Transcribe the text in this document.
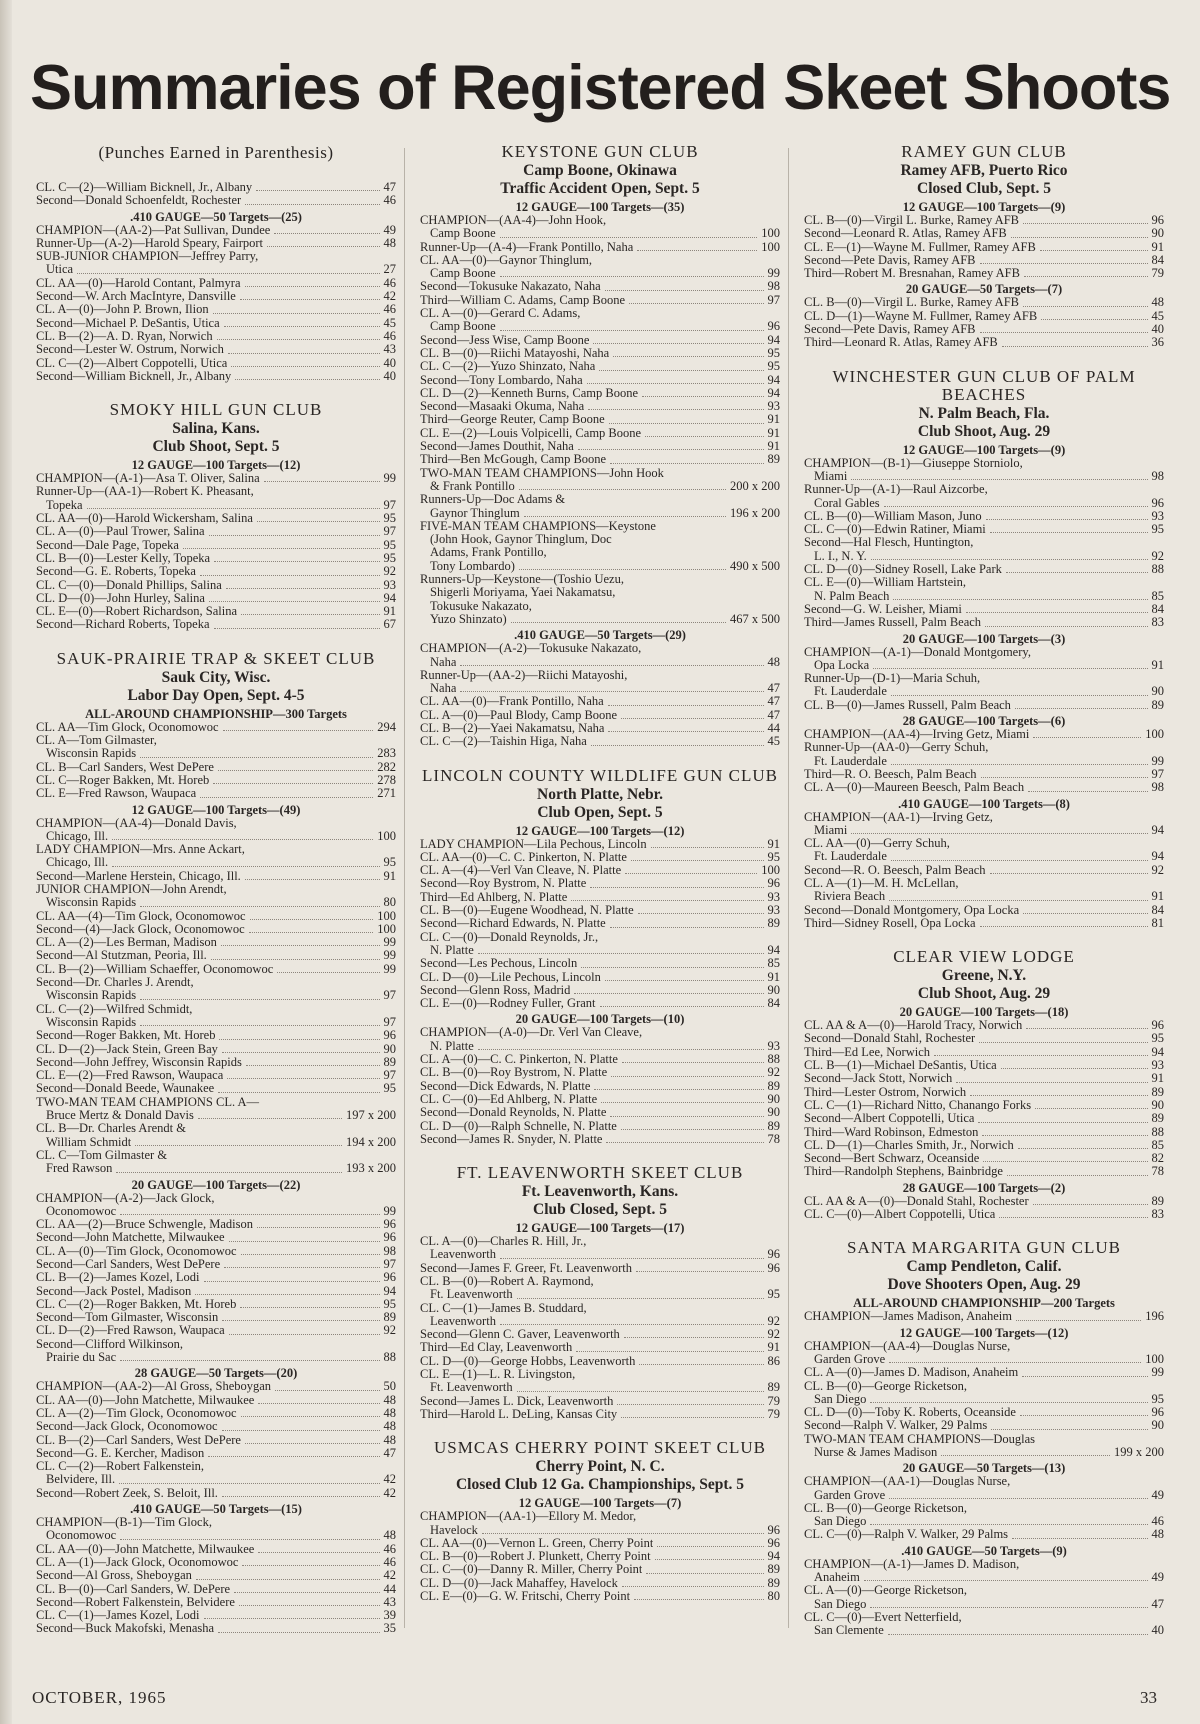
Summaries of Registered Skeet Shoots
(Punches Earned in Parenthesis)
CL. C—(2)—William Bicknell, Jr., Albany	47
Second—Donald Schoenfeldt, Rochester	46
.410 GAUGE—50 Targets—(25)
CHAMPION—(AA-2)—Pat Sullivan, Dundee	49
Runner-Up—(A-2)—Harold Speary, Fairport	48
SUB-JUNIOR CHAMPION—Jeffrey Parry,
Utica	27
CL. AA—(0)—Harold Contant, Palmyra	46
Second—W. Arch MacIntyre, Dansville	42
CL. A—(0)—John P. Brown, Ilion	46
Second—Michael P. DeSantis, Utica	45
CL. B—(2)—A. D. Ryan, Norwich	46
Second—Lester W. Ostrum, Norwich	43
CL. C—(2)—Albert Coppotelli, Utica	40
Second—William Bicknell, Jr., Albany	40
SMOKY HILL GUN CLUB
Salina, Kans.
Club Shoot, Sept. 5
12 GAUGE—100 Targets—(12)
CHAMPION—(A-1)—Asa T. Oliver, Salina	99
Runner-Up—(AA-1)—Robert K. Pheasant,
Topeka	97
CL. AA—(0)—Harold Wickersham, Salina	95
CL. A—(0)—Paul Trower, Salina	97
Second—Dale Page, Topeka	95
CL. B—(0)—Lester Kelly, Topeka	95
Second—G. E. Roberts, Topeka	92
CL. C—(0)—Donald Phillips, Salina	93
CL. D—(0)—John Hurley, Salina	94
CL. E—(0)—Robert Richardson, Salina	91
Second—Richard Roberts, Topeka	67
SAUK-PRAIRIE TRAP & SKEET CLUB
Sauk City, Wisc.
Labor Day Open, Sept. 4-5
ALL-AROUND CHAMPIONSHIP—300 Targets
CL. AA—Tim Glock, Oconomowoc	294
CL. A—Tom Gilmaster,
Wisconsin Rapids	283
CL. B—Carl Sanders, West DePere	282
CL. C—Roger Bakken, Mt. Horeb	278
CL. E—Fred Rawson, Waupaca	271
12 GAUGE—100 Targets—(49)
CHAMPION—(AA-4)—Donald Davis,
Chicago, Ill.	100
LADY CHAMPION—Mrs. Anne Ackart,
Chicago, Ill.	95
Second—Marlene Herstein, Chicago, Ill.	91
JUNIOR CHAMPION—John Arendt,
Wisconsin Rapids	80
CL. AA—(4)—Tim Glock, Oconomowoc	100
Second—(4)—Jack Glock, Oconomowoc	100
CL. A—(2)—Les Berman, Madison	99
Second—Al Stutzman, Peoria, Ill.	99
CL. B—(2)—William Schaeffer, Oconomowoc	99
Second—Dr. Charles J. Arendt,
Wisconsin Rapids	97
CL. C—(2)—Wilfred Schmidt,
Wisconsin Rapids	97
Second—Roger Bakken, Mt. Horeb	96
CL. D—(2)—Jack Stein, Green Bay	90
Second—John Jeffrey, Wisconsin Rapids	89
CL. E—(2)—Fred Rawson, Waupaca	97
Second—Donald Beede, Waunakee	95
TWO-MAN TEAM CHAMPIONS CL. A—
Bruce Mertz & Donald Davis	197 x 200
CL. B—Dr. Charles Arendt &
William Schmidt	194 x 200
CL. C—Tom Gilmaster &
Fred Rawson	193 x 200
20 GAUGE—100 Targets—(22)
CHAMPION—(A-2)—Jack Glock,
Oconomowoc	99
CL. AA—(2)—Bruce Schwengle, Madison	96
Second—John Matchette, Milwaukee	96
CL. A—(0)—Tim Glock, Oconomowoc	98
Second—Carl Sanders, West DePere	97
CL. B—(2)—James Kozel, Lodi	96
Second—Jack Postel, Madison	94
CL. C—(2)—Roger Bakken, Mt. Horeb	95
Second—Tom Gilmaster, Wisconsin	89
CL. D—(2)—Fred Rawson, Waupaca	92
Second—Clifford Wilkinson,
Prairie du Sac	88
28 GAUGE—50 Targets—(20)
CHAMPION—(AA-2)—Al Gross, Sheboygan	50
CL. AA—(0)—John Matchette, Milwaukee	48
CL. A—(2)—Tim Glock, Oconomowoc	48
Second—Jack Glock, Oconomowoc	48
CL. B—(2)—Carl Sanders, West DePere	48
Second—G. E. Kercher, Madison	47
CL. C—(2)—Robert Falkenstein,
Belvidere, Ill.	42
Second—Robert Zeek, S. Beloit, Ill.	42
.410 GAUGE—50 Targets—(15)
CHAMPION—(B-1)—Tim Glock,
Oconomowoc	48
CL. AA—(0)—John Matchette, Milwaukee	46
CL. A—(1)—Jack Glock, Oconomowoc	46
Second—Al Gross, Sheboygan	42
CL. B—(0)—Carl Sanders, W. DePere	44
Second—Robert Falkenstein, Belvidere	43
CL. C—(1)—James Kozel, Lodi	39
Second—Buck Makofski, Menasha	35
KEYSTONE GUN CLUB
Camp Boone, Okinawa
Traffic Accident Open, Sept. 5
12 GAUGE—100 Targets—(35)
CHAMPION—(AA-4)—John Hook,
Camp Boone	100
Runner-Up—(A-4)—Frank Pontillo, Naha	100
CL. AA—(0)—Gaynor Thinglum,
Camp Boone	99
Second—Tokusuke Nakazato, Naha	98
Third—William C. Adams, Camp Boone	97
CL. A—(0)—Gerard C. Adams,
Camp Boone	96
Second—Jess Wise, Camp Boone	94
CL. B—(0)—Riichi Matayoshi, Naha	95
CL. C—(2)—Yuzo Shinzato, Naha	95
Second—Tony Lombardo, Naha	94
CL. D—(2)—Kenneth Burns, Camp Boone	94
Second—Masaaki Okuma, Naha	93
Third—George Reuter, Camp Boone	91
CL. E—(2)—Louis Volpicelli, Camp Boone	91
Second—James Douthit, Naha	91
Third—Ben McGough, Camp Boone	89
TWO-MAN TEAM CHAMPIONS—John Hook
& Frank Pontillo	200 x 200
Runners-Up—Doc Adams &
Gaynor Thinglum	196 x 200
FIVE-MAN TEAM CHAMPIONS—Keystone
(John Hook, Gaynor Thinglum, Doc
Adams, Frank Pontillo,
Tony Lombardo)	490 x 500
Runners-Up—Keystone—(Toshio Uezu,
Shigerli Moriyama, Yaei Nakamatsu,
Tokusuke Nakazato,
Yuzo Shinzato)	467 x 500
.410 GAUGE—50 Targets—(29)
CHAMPION—(A-2)—Tokusuke Nakazato,
Naha	48
Runner-Up—(AA-2)—Riichi Matayoshi,
Naha	47
CL. AA—(0)—Frank Pontillo, Naha	47
CL. A—(0)—Paul Blody, Camp Boone	47
CL. B—(2)—Yaei Nakamatsu, Naha	44
CL. C—(2)—Taishin Higa, Naha	45
LINCOLN COUNTY WILDLIFE GUN CLUB
North Platte, Nebr.
Club Open, Sept. 5
12 GAUGE—100 Targets—(12)
LADY CHAMPION—Lila Pechous, Lincoln	91
CL. AA—(0)—C. C. Pinkerton, N. Platte	95
CL. A—(4)—Verl Van Cleave, N. Platte	100
Second—Roy Bystrom, N. Platte	96
Third—Ed Ahlberg, N. Platte	93
CL. B—(0)—Eugene Woodhead, N. Platte	93
Second—Richard Edwards, N. Platte	89
CL. C—(0)—Donald Reynolds, Jr.,
N. Platte	94
Second—Les Pechous, Lincoln	85
CL. D—(0)—Lile Pechous, Lincoln	91
Second—Glenn Ross, Madrid	90
CL. E—(0)—Rodney Fuller, Grant	84
20 GAUGE—100 Targets—(10)
CHAMPION—(A-0)—Dr. Verl Van Cleave,
N. Platte	93
CL. A—(0)—C. C. Pinkerton, N. Platte	88
CL. B—(0)—Roy Bystrom, N. Platte	92
Second—Dick Edwards, N. Platte	89
CL. C—(0)—Ed Ahlberg, N. Platte	90
Second—Donald Reynolds, N. Platte	90
CL. D—(0)—Ralph Schnelle, N. Platte	89
Second—James R. Snyder, N. Platte	78
FT. LEAVENWORTH SKEET CLUB
Ft. Leavenworth, Kans.
Club Closed, Sept. 5
12 GAUGE—100 Targets—(17)
CL. A—(0)—Charles R. Hill, Jr.,
Leavenworth	96
Second—James F. Greer, Ft. Leavenworth	96
CL. B—(0)—Robert A. Raymond,
Ft. Leavenworth	95
CL. C—(1)—James B. Studdard,
Leavenworth	92
Second—Glenn C. Gaver, Leavenworth	92
Third—Ed Clay, Leavenworth	91
CL. D—(0)—George Hobbs, Leavenworth	86
CL. E—(1)—L. R. Livingston,
Ft. Leavenworth	89
Second—James L. Dick, Leavenworth	79
Third—Harold L. DeLing, Kansas City	79
USMCAS CHERRY POINT SKEET CLUB
Cherry Point, N. C.
Closed Club 12 Ga. Championships, Sept. 5
12 GAUGE—100 Targets—(7)
CHAMPION—(AA-1)—Ellory M. Medor,
Havelock	96
CL. AA—(0)—Vernon L. Green, Cherry Point	96
CL. B—(0)—Robert J. Plunkett, Cherry Point	94
CL. C—(0)—Danny R. Miller, Cherry Point	89
CL. D—(0)—Jack Mahaffey, Havelock	89
CL. E—(0)—G. W. Fritschi, Cherry Point	80
RAMEY GUN CLUB
Ramey AFB, Puerto Rico
Closed Club, Sept. 5
12 GAUGE—100 Targets—(9)
CL. B—(0)—Virgil L. Burke, Ramey AFB	96
Second—Leonard R. Atlas, Ramey AFB	90
CL. E—(1)—Wayne M. Fullmer, Ramey AFB	91
Second—Pete Davis, Ramey AFB	84
Third—Robert M. Bresnahan, Ramey AFB	79
20 GAUGE—50 Targets—(7)
CL. B—(0)—Virgil L. Burke, Ramey AFB	48
CL. D—(1)—Wayne M. Fullmer, Ramey AFB	45
Second—Pete Davis, Ramey AFB	40
Third—Leonard R. Atlas, Ramey AFB	36
WINCHESTER GUN CLUB OF PALM BEACHES
N. Palm Beach, Fla.
Club Shoot, Aug. 29
12 GAUGE—100 Targets—(9)
CHAMPION—(B-1)—Giuseppe Storniolo,
Miami	98
Runner-Up—(A-1)—Raul Aizcorbe,
Coral Gables	96
CL. B—(0)—William Mason, Juno	93
CL. C—(0)—Edwin Ratiner, Miami	95
Second—Hal Flesch, Huntington,
L. I., N. Y.	92
CL. D—(0)—Sidney Rosell, Lake Park	88
CL. E—(0)—William Hartstein,
N. Palm Beach	85
Second—G. W. Leisher, Miami	84
Third—James Russell, Palm Beach	83
20 GAUGE—100 Targets—(3)
CHAMPION—(A-1)—Donald Montgomery,
Opa Locka	91
Runner-Up—(D-1)—Maria Schuh,
Ft. Lauderdale	90
CL. B—(0)—James Russell, Palm Beach	89
28 GAUGE—100 Targets—(6)
CHAMPION—(AA-4)—Irving Getz, Miami	100
Runner-Up—(AA-0)—Gerry Schuh,
Ft. Lauderdale	99
Third—R. O. Beesch, Palm Beach	97
CL. A—(0)—Maureen Beesch, Palm Beach	98
.410 GAUGE—100 Targets—(8)
CHAMPION—(AA-1)—Irving Getz,
Miami	94
CL. AA—(0)—Gerry Schuh,
Ft. Lauderdale	94
Second—R. O. Beesch, Palm Beach	92
CL. A—(1)—M. H. McLellan,
Riviera Beach	91
Second—Donald Montgomery, Opa Locka	84
Third—Sidney Rosell, Opa Locka	81
CLEAR VIEW LODGE
Greene, N.Y.
Club Shoot, Aug. 29
20 GAUGE—100 Targets—(18)
CL. AA & A—(0)—Harold Tracy, Norwich	96
Second—Donald Stahl, Rochester	95
Third—Ed Lee, Norwich	94
CL. B—(1)—Michael DeSantis, Utica	93
Second—Jack Stott, Norwich	91
Third—Lester Ostrom, Norwich	89
CL. C—(1)—Richard Nitto, Chanango Forks	90
Second—Albert Coppotelli, Utica	89
Third—Ward Robinson, Edmeston	88
CL. D—(1)—Charles Smith, Jr., Norwich	85
Second—Bert Schwarz, Oceanside	82
Third—Randolph Stephens, Bainbridge	78
28 GAUGE—100 Targets—(2)
CL. AA & A—(0)—Donald Stahl, Rochester	89
CL. C—(0)—Albert Coppotelli, Utica	83
SANTA MARGARITA GUN CLUB
Camp Pendleton, Calif.
Dove Shooters Open, Aug. 29
ALL-AROUND CHAMPIONSHIP—200 Targets
CHAMPION—James Madison, Anaheim	196
12 GAUGE—100 Targets—(12)
CHAMPION—(AA-4)—Douglas Nurse,
Garden Grove	100
CL. A—(0)—James D. Madison, Anaheim	99
CL. B—(0)—George Ricketson,
San Diego	95
CL. D—(0)—Toby K. Roberts, Oceanside	96
Second—Ralph V. Walker, 29 Palms	90
TWO-MAN TEAM CHAMPIONS—Douglas
Nurse & James Madison	199 x 200
20 GAUGE—50 Targets—(13)
CHAMPION—(AA-1)—Douglas Nurse,
Garden Grove	49
CL. B—(0)—George Ricketson,
San Diego	46
CL. C—(0)—Ralph V. Walker, 29 Palms	48
.410 GAUGE—50 Targets—(9)
CHAMPION—(A-1)—James D. Madison,
Anaheim	49
CL. A—(0)—George Ricketson,
San Diego	47
CL. C—(0)—Evert Netterfield,
San Clemente	40
OCTOBER, 1965	33
